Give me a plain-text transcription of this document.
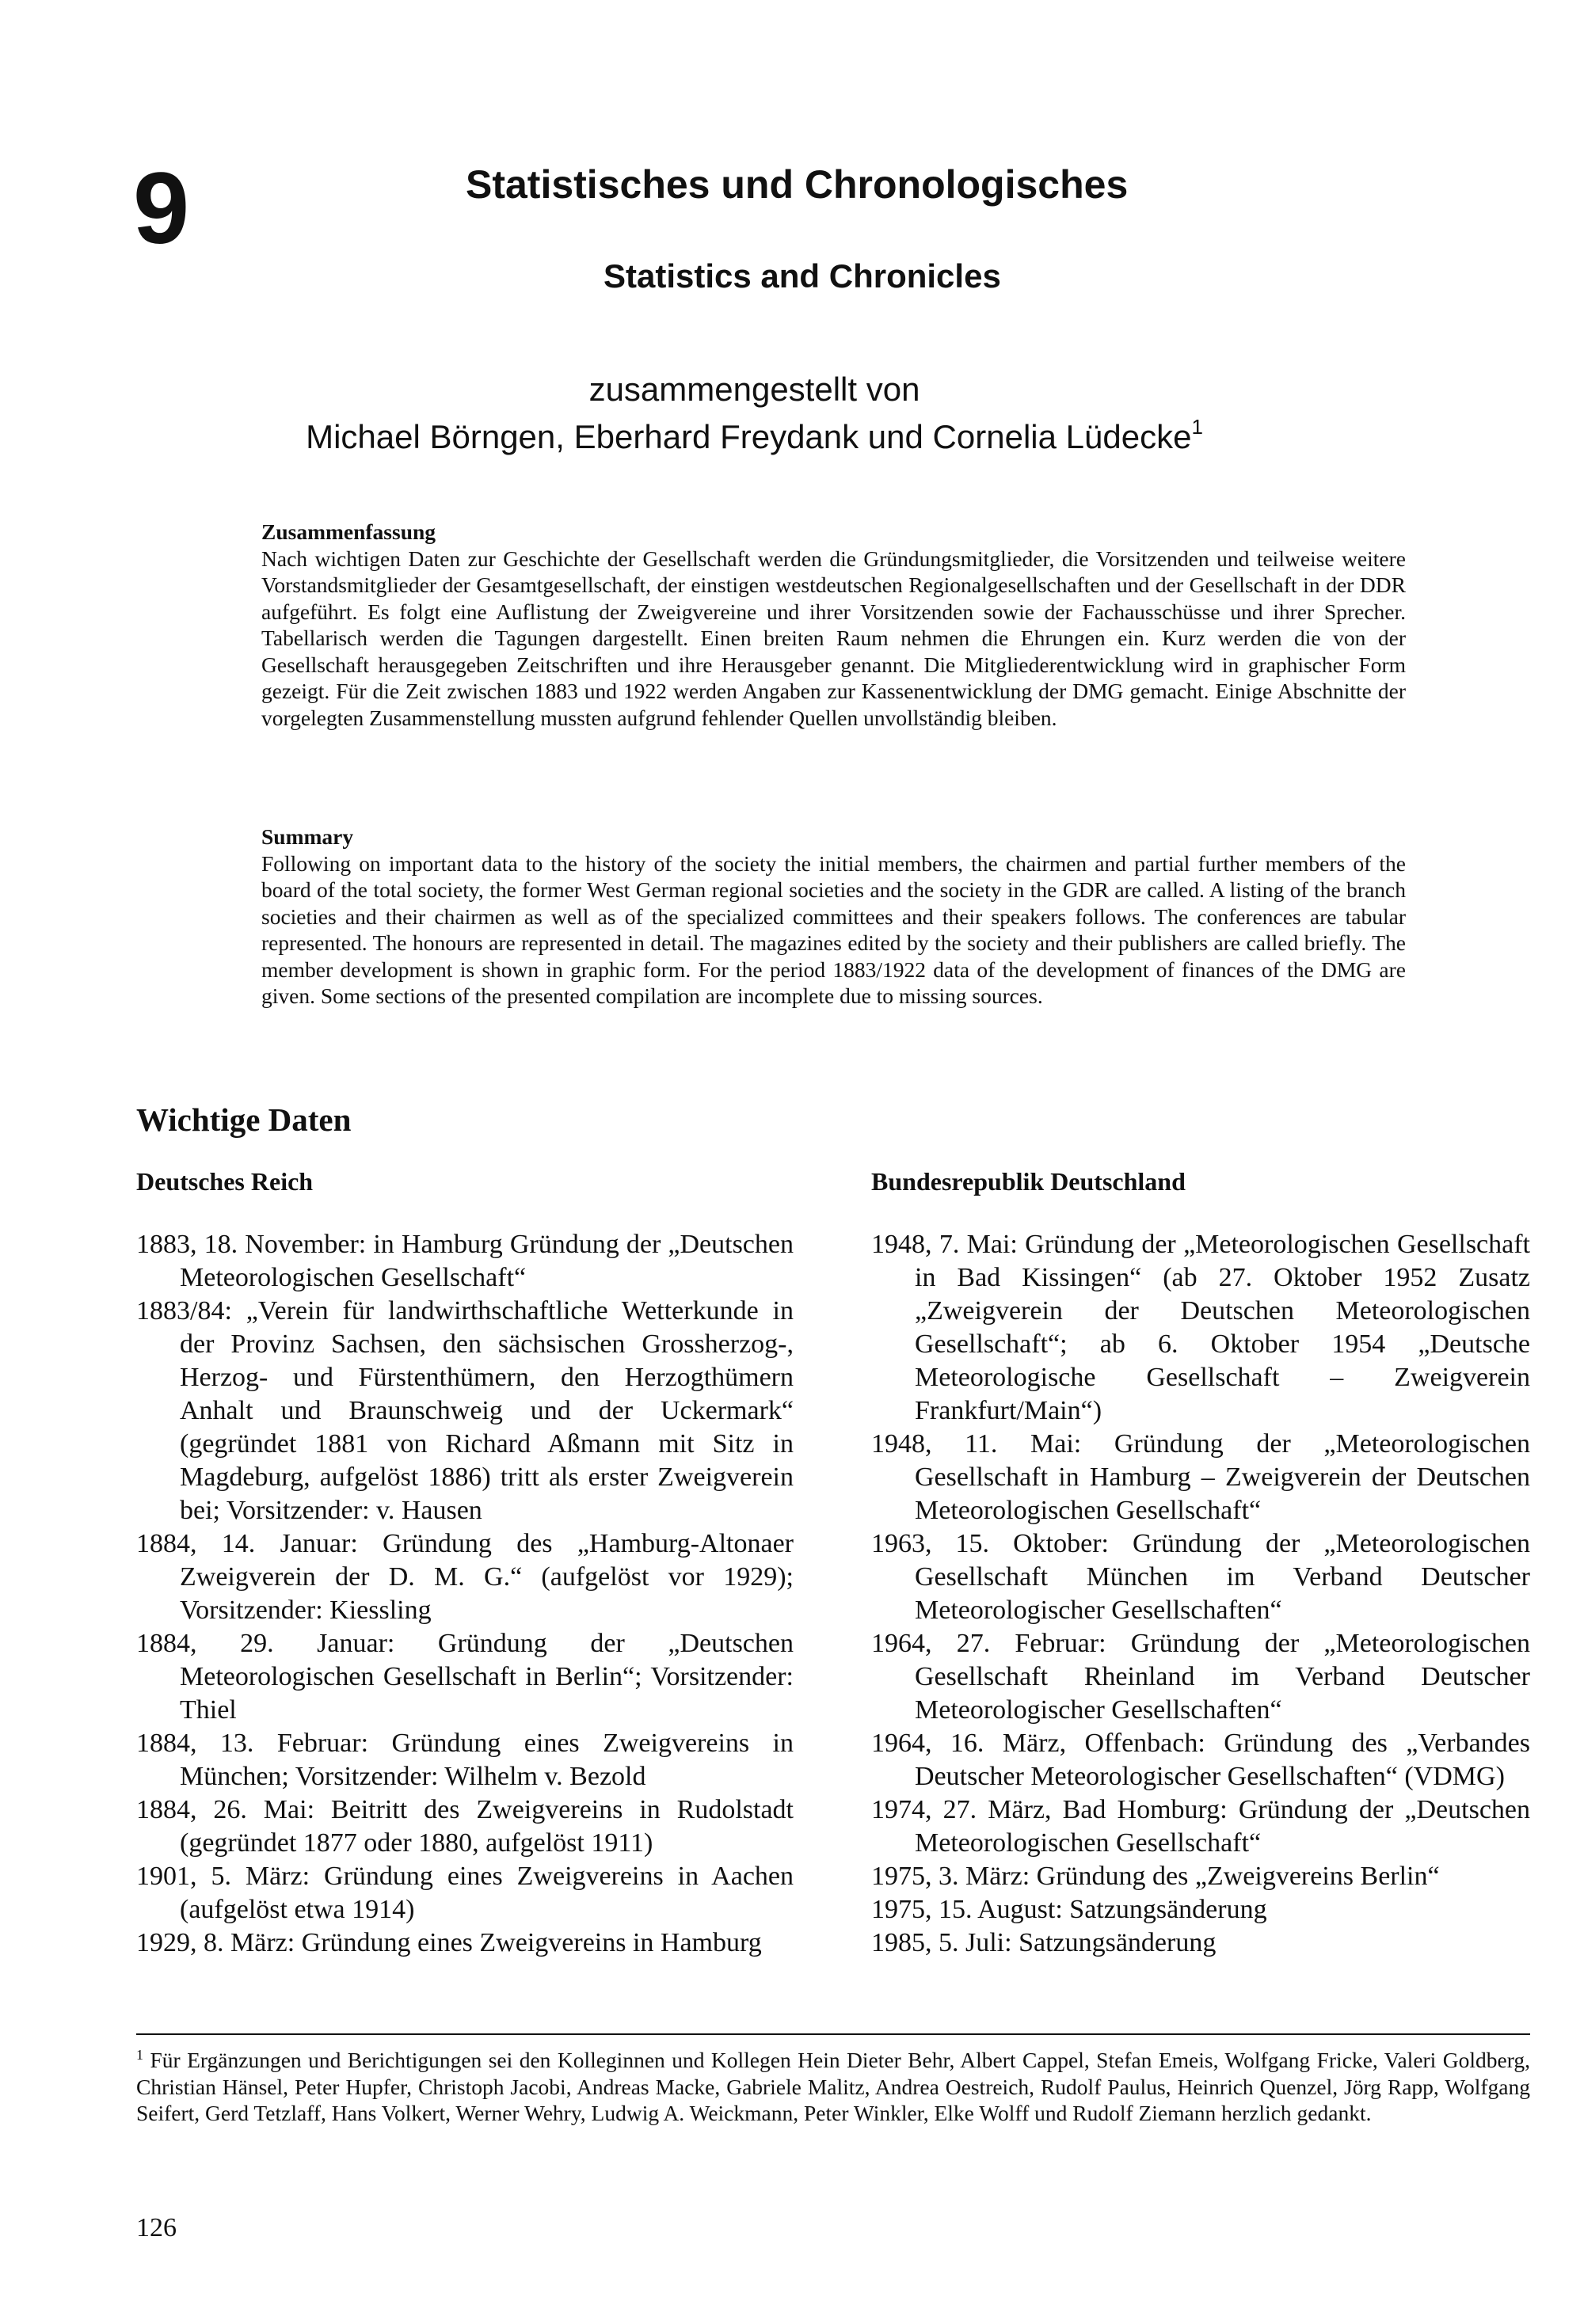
9	Statistisches und Chronologisches
Statistics and Chronicles
zusammengestellt von
Michael Börngen, Eberhard Freydank und Cornelia Lüdecke$^1$
Zusammenfassung
Nach wichtigen Daten zur Geschichte der Gesellschaft werden die Gründungsmitglieder, die Vorsitzenden und teilweise weitere Vorstandsmitglieder der Gesamtgesellschaft, der einstigen westdeutschen Regionalgesellschaften und der Gesellschaft in der DDR aufgeführt. Es folgt eine Auflistung der Zweigvereine und ihrer Vorsitzenden sowie der Fachausschüsse und ihrer Sprecher. Tabellarisch werden die Tagungen dargestellt. Einen breiten Raum nehmen die Ehrungen ein. Kurz werden die von der Gesellschaft herausgegeben Zeitschriften und ihre Herausgeber genannt. Die Mitgliederentwicklung wird in graphischer Form gezeigt. Für die Zeit zwischen 1883 und 1922 werden Angaben zur Kassenentwicklung der DMG gemacht. Einige Abschnitte der vorgelegten Zusammenstellung mussten aufgrund fehlender Quellen unvollständig bleiben.
Summary
Following on important data to the history of the society the initial members, the chairmen and partial further members of the board of the total society, the former West German regional societies and the society in the GDR are called. A listing of the branch societies and their chairmen as well as of the specialized committees and their speakers follows. The conferences are tabular represented. The honours are represented in detail. The magazines edited by the society and their publishers are called briefly. The member development is shown in graphic form. For the period 1883/1922 data of the development of finances of the DMG are given. Some sections of the presented compilation are incomplete due to missing sources.
Wichtige Daten
Deutsches Reich	Bundesrepublik Deutschland
1883, 18. November: in Hamburg Gründung der „Deutschen Meteorologischen Gesellschaft“
1883/84: „Verein für landwirthschaftliche Wetterkunde in der Provinz Sachsen, den sächsischen Grossherzog-, Herzog- und Fürstenthümern, den Herzogthümern Anhalt und Braunschweig und der Uckermark“ (gegründet 1881 von Richard Aßmann mit Sitz in Magdeburg, aufgelöst 1886) tritt als erster Zweigverein bei; Vorsitzender: v. Hausen
1884, 14. Januar: Gründung des „Hamburg-Altonaer Zweigverein der D. M. G.“ (aufgelöst vor 1929); Vorsitzender: Kiessling
1884, 29. Januar: Gründung der „Deutschen Meteorologischen Gesellschaft in Berlin“; Vorsitzender: Thiel
1884, 13. Februar: Gründung eines Zweigvereins in München; Vorsitzender: Wilhelm v. Bezold
1884, 26. Mai: Beitritt des Zweigvereins in Rudolstadt (gegründet 1877 oder 1880, aufgelöst 1911)
1901, 5. März: Gründung eines Zweigvereins in Aachen (aufgelöst etwa 1914)
1929, 8. März: Gründung eines Zweigvereins in Hamburg
1948, 7. Mai: Gründung der „Meteorologischen Gesellschaft in Bad Kissingen“ (ab 27. Oktober 1952 Zusatz „Zweigverein der Deutschen Meteorologischen Gesellschaft“; ab 6. Oktober 1954 „Deutsche Meteorologische Gesellschaft – Zweigverein Frankfurt/Main“)
1948, 11. Mai: Gründung der „Meteorologischen Gesellschaft in Hamburg – Zweigverein der Deutschen Meteorologischen Gesellschaft“
1963, 15. Oktober: Gründung der „Meteorologischen Gesellschaft München im Verband Deutscher Meteorologischer Gesellschaften“
1964, 27. Februar: Gründung der „Meteorologischen Gesellschaft Rheinland im Verband Deutscher Meteorologischer Gesellschaften“
1964, 16. März, Offenbach: Gründung des „Verbandes Deutscher Meteorologischer Gesellschaften“ (VDMG)
1974, 27. März, Bad Homburg: Gründung der „Deutschen Meteorologischen Gesellschaft“
1975, 3. März: Gründung des „Zweigvereins Berlin“
1975, 15. August: Satzungsänderung
1985, 5. Juli: Satzungsänderung
$^1$ Für Ergänzungen und Berichtigungen sei den Kolleginnen und Kollegen Hein Dieter Behr, Albert Cappel, Stefan Emeis, Wolfgang Fricke, Valeri Goldberg, Christian Hänsel, Peter Hupfer, Christoph Jacobi, Andreas Macke, Gabriele Malitz, Andrea Oestreich, Rudolf Paulus, Heinrich Quenzel, Jörg Rapp, Wolfgang Seifert, Gerd Tetzlaff, Hans Volkert, Werner Wehry, Ludwig A. Weickmann, Peter Winkler, Elke Wolff und Rudolf Ziemann herzlich gedankt.
126
